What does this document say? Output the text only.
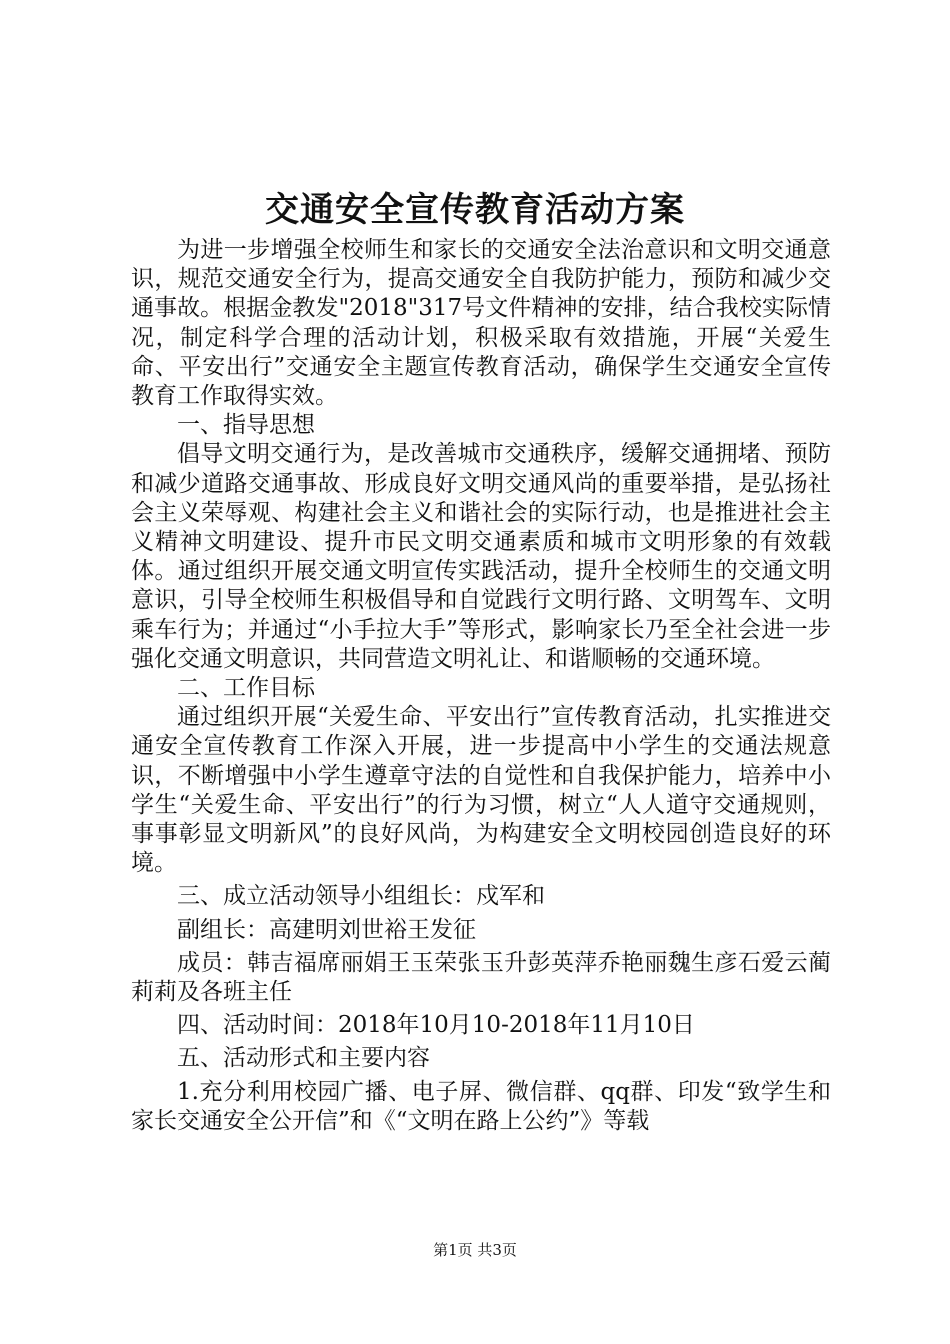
交通安全宣传教育活动方案

为进一步增强全校师生和家长的交通安全法治意识和文明交通意识，规范交通安全行为，提高交通安全自我防护能力，预防和减少交通事故。根据金教发"2018"317号文件精神的安排，结合我校实际情况，制定科学合理的活动计划，积极采取有效措施，开展“关爱生命、平安出行”交通安全主题宣传教育活动，确保学生交通安全宣传教育工作取得实效。

一、指导思想

倡导文明交通行为，是改善城市交通秩序，缓解交通拥堵、预防和减少道路交通事故、形成良好文明交通风尚的重要举措，是弘扬社会主义荣辱观、构建社会主义和谐社会的实际行动，也是推进社会主义精神文明建设、提升市民文明交通素质和城市文明形象的有效载体。通过组织开展交通文明宣传实践活动，提升全校师生的交通文明意识，引导全校师生积极倡导和自觉践行文明行路、文明驾车、文明乘车行为；并通过“小手拉大手”等形式，影响家长乃至全社会进一步强化交通文明意识，共同营造文明礼让、和谐顺畅的交通环境。

二、工作目标

通过组织开展“关爱生命、平安出行”宣传教育活动，扎实推进交通安全宣传教育工作深入开展，进一步提高中小学生的交通法规意识，不断增强中小学生遵章守法的自觉性和自我保护能力，培养中小学生“关爱生命、平安出行”的行为习惯，树立“人人道守交通规则，事事彰显文明新风”的良好风尚，为构建安全文明校园创造良好的环境。

三、成立活动领导小组组长：戍军和

副组长：高建明刘世裕王发征

成员：韩吉福席丽娟王玉荣张玉升彭英萍乔艳丽魏生彦石爱云蔺莉莉及各班主任

四、活动时间：2018年10月10-2018年11月10日

五、活动形式和主要内容

1.充分利用校园广播、电子屏、微信群、qq群、印发“致学生和家长交通安全公开信”和《“文明在路上公约”》等载

第1页 共3页
